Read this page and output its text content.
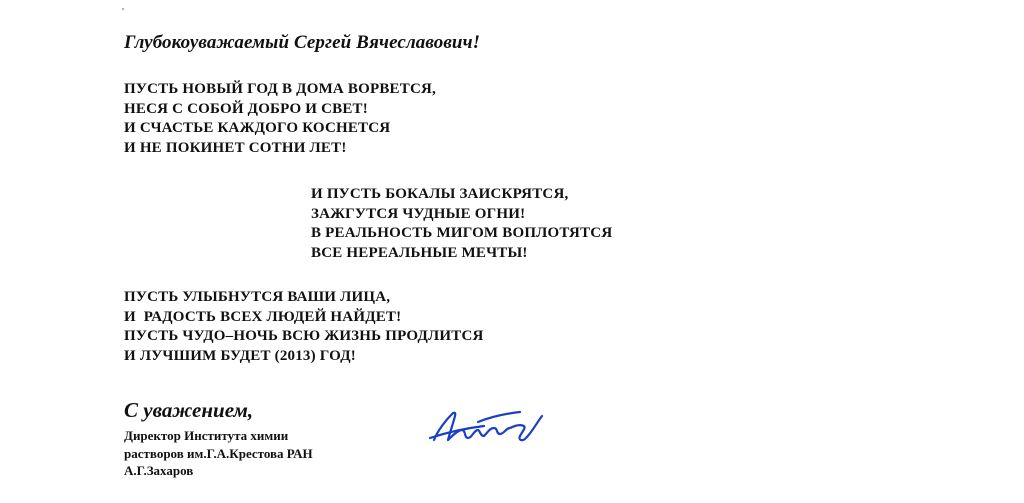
Глубокоуважаемый Сергей Вячеславович!
ПУСТЬ НОВЫЙ ГОД В ДОМА ВОРВЕТСЯ,
НЕСЯ С СОБОЙ ДОБРО И СВЕТ!
И СЧАСТЬЕ КАЖДОГО КОСНЕТСЯ
И НЕ ПОКИНЕТ СОТНИ ЛЕТ!
И ПУСТЬ БОКАЛЫ ЗАИСКРЯТСЯ,
ЗАЖГУТСЯ ЧУДНЫЕ ОГНИ!
В РЕАЛЬНОСТЬ МИГОМ ВОПЛОТЯТСЯ
ВСЕ НЕРЕАЛЬНЫЕ МЕЧТЫ!
ПУСТЬ УЛЫБНУТСЯ ВАШИ ЛИЦА,
И  РАДОСТЬ ВСЕХ ЛЮДЕЙ НАЙДЕТ!
ПУСТЬ ЧУДО–НОЧЬ ВСЮ ЖИЗНЬ ПРОДЛИТСЯ
И ЛУЧШИМ БУДЕТ (2013) ГОД!
С уважением,
Директор Института химии
растворов им.Г.А.Крестова РАН
А.Г.Захаров
